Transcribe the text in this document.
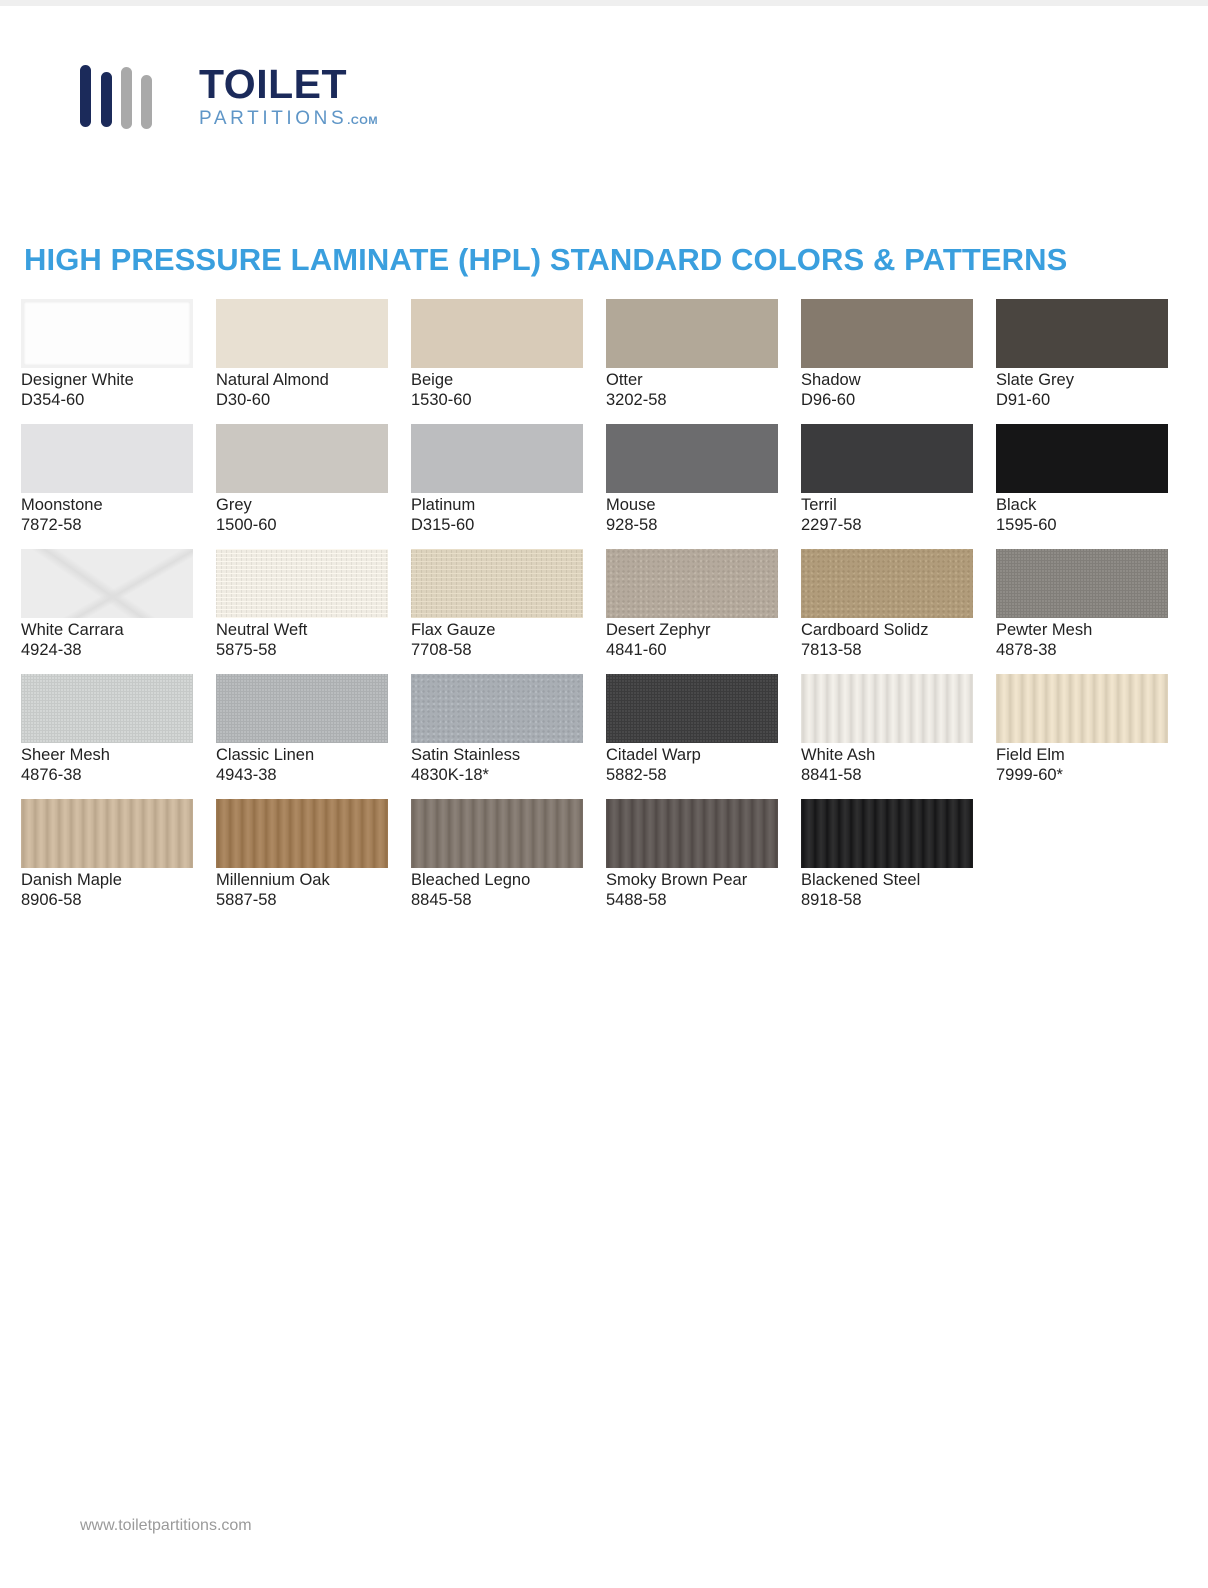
TOILET
PARTITIONS.COM
HIGH PRESSURE LAMINATE (HPL) STANDARD COLORS & PATTERNS
Designer White
D354-60
Natural Almond
D30-60
Beige
1530-60
Otter
3202-58
Shadow
D96-60
Slate Grey
D91-60
Moonstone
7872-58
Grey
1500-60
Platinum
D315-60
Mouse
928-58
Terril
2297-58
Black
1595-60
White Carrara
4924-38
Neutral Weft
5875-58
Flax Gauze
7708-58
Desert Zephyr
4841-60
Cardboard Solidz
7813-58
Pewter Mesh
4878-38
Sheer Mesh
4876-38
Classic Linen
4943-38
Satin Stainless
4830K-18*
Citadel Warp
5882-58
White Ash
8841-58
Field Elm
7999-60*
Danish Maple
8906-58
Millennium Oak
5887-58
Bleached Legno
8845-58
Smoky Brown Pear
5488-58
Blackened Steel
8918-58
www.toiletpartitions.com
